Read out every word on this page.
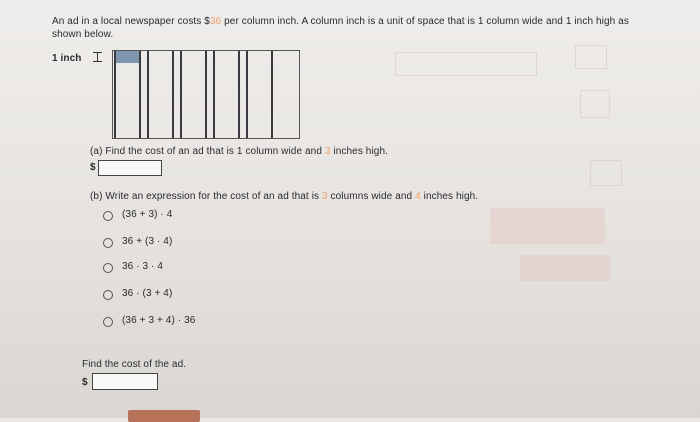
An ad in a local newspaper costs $36 per column inch. A column inch is a unit of space that is 1 column wide and 1 inch high as
shown below.
1 inch
(a) Find the cost of an ad that is 1 column wide and 3 inches high.
$
(b) Write an expression for the cost of an ad that is 3 columns wide and 4 inches high.
(36 + 3) · 4
36 + (3 · 4)
36 · 3 · 4
36 · (3 + 4)
(36 + 3 + 4) · 36
Find the cost of the ad.
$
